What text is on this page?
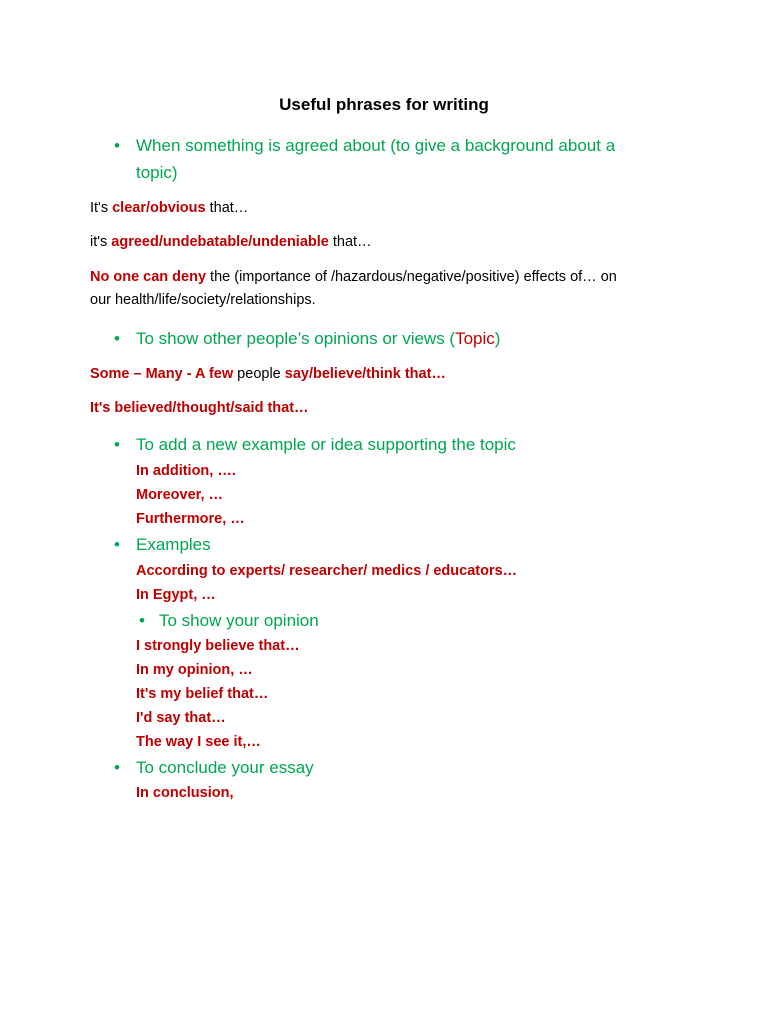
Useful phrases for writing
• When something is agreed about (to give a background about a
topic)
It's clear/obvious that…
it's agreed/undebatable/undeniable that…
No one can deny the (importance of /hazardous/negative/positive) effects of… on
our health/life/society/relationships.
• To show other people’s opinions or views (Topic)
Some – Many - A few people say/believe/think that…
It's believed/thought/said that…
• To add a new example or idea supporting the topic
In addition, ….
Moreover, …
Furthermore, …
• Examples
According to experts/ researcher/ medics / educators…
In Egypt, …
• To show your opinion
I strongly believe that…
In my opinion, …
It's my belief that…
I'd say that…
The way I see it,…
• To conclude your essay
In conclusion,
